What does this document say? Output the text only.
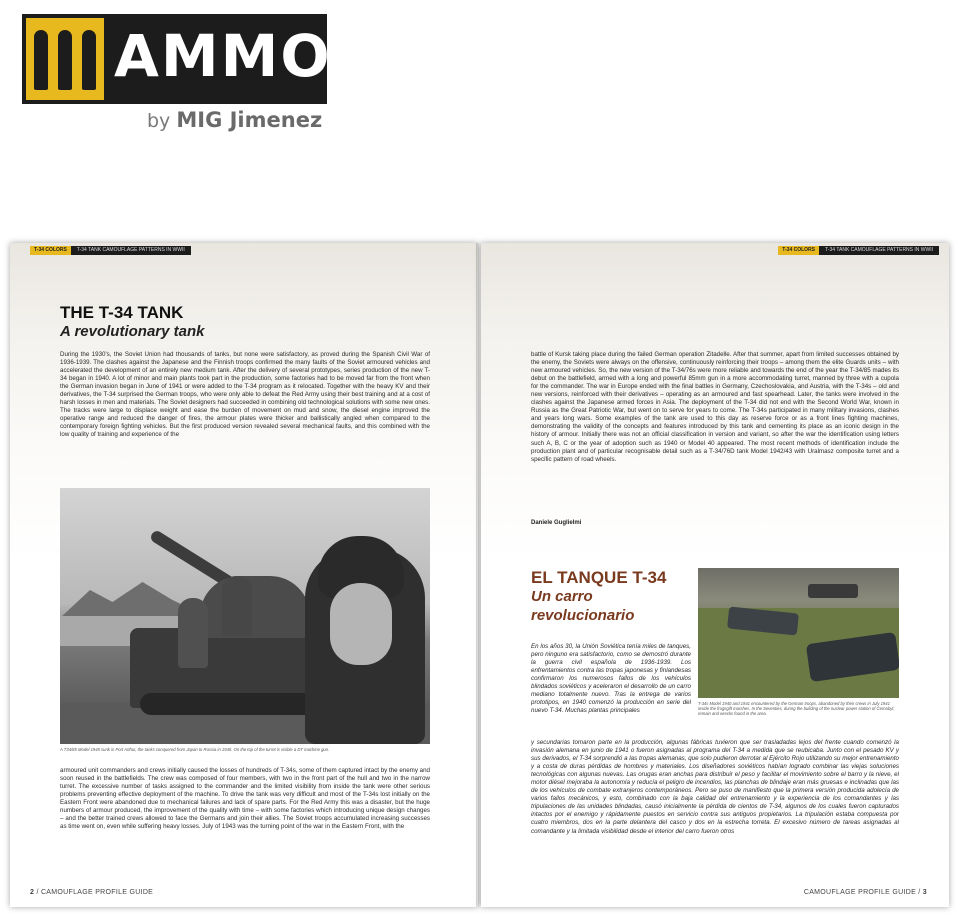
AMMO
by MIG Jimenez
T-34 COLORS	T-34 TANK CAMOUFLAGE PATTERNS IN WWII
THE T-34 TANK
A revolutionary tank
During the 1930's, the Soviet Union had thousands of tanks, but none were satisfactory, as proved during the Spanish Civil War of 1936-1939. The clashes against the Japanese and the Finnish troops confirmed the many faults of the Soviet armoured vehicles and accelerated the development of an entirely new medium tank. After the delivery of several prototypes, series production of the new T-34 began in 1940. A lot of minor and main plants took part in the production, some factories had to be moved far from the front when the German invasion began in June of 1941 or were added to the T-34 program as it relocated. Together with the heavy KV and their derivatives, the T-34 surprised the German troops, who were only able to defeat the Red Army using their best training and at a cost of harsh losses in men and materials. The Soviet designers had succeeded in combining old technological solutions with some new ones. The tracks were large to displace weight and ease the burden of movement on mud and snow, the diesel engine improved the operative range and reduced the danger of fires, the armour plates were thicker and ballistically angled when compared to the contemporary foreign fighting vehicles. But the first produced version revealed several mechanical faults, and this combined with the low quality of training and experience of the
A T34/85 Model 1945 sunk in Port Arthur, the tanks conquered from Japan to Russia in 1945. On the top of the turret is visible a DT machine gun.
armoured unit commanders and crews initially caused the losses of hundreds of T-34s, some of them captured intact by the enemy and soon reused in the battlefields. The crew was composed of four members, with two in the front part of the hull and two in the narrow turret. The excessive number of tasks assigned to the commander and the limited visibility from inside the tank were other serious problems preventing effective deployment of the machine. To drive the tank was very difficult and most of the T-34s lost initially on the Eastern Front were abandoned due to mechanical failures and lack of spare parts. For the Red Army this was a disaster, but the huge numbers of armour produced, the improvement of the quality with time – with some factories which introducing unique design changes – and the better trained crews allowed to face the Germans and join their allies. The Soviet troops accumulated increasing successes as time went on, even while suffering heavy losses. July of 1943 was the turning point of the war in the Eastern Front, with the
2 / CAMOUFLAGE PROFILE GUIDE
T-34 COLORS	T-34 TANK CAMOUFLAGE PATTERNS IN WWII
battle of Kursk taking place during the failed German operation Zitadelle. After that summer, apart from limited successes obtained by the enemy, the Soviets were always on the offensive, continuously reinforcing their troops – among them the elite Guards units – with new armoured vehicles. So, the new version of the T-34/76s were more reliable and towards the end of the year the T-34/85 mades its debut on the battlefield, armed with a long and powerful 85mm gun in a more accommodating turret, manned by three with a cupola for the commander. The war in Europe ended with the final battles in Germany, Czechoslovakia, and Austria, with the T-34s – old and new versions, reinforced with their derivatives – operating as an armoured and fast spearhead. Later, the tanks were involved in the clashes against the Japanese armed forces in Asia. The deployment of the T-34 did not end with the Second World War, known in Russia as the Great Patriotic War, but went on to serve for years to come. The T-34s participated in many military invasions, clashes and years long wars. Some examples of the tank are used to this day as reserve force or as a front lines fighting machines, demonstrating the validity of the concepts and features introduced by this tank and cementing its place as an iconic design in the history of armour. Initially there was not an official classification in version and variant, so after the war the identification using letters such A, B, C or the year of adoption such as 1940 or Model 40 appeared. The most recent methods of identification include the production plant and of particular recognisable detail such as a T-34/76D tank Model 1942/43 with Uralmasz composite turret and a specific pattern of road wheels.
Daniele Guglielmi
EL TANQUE T-34
Un carro
revolucionario
T-34s Model 1940 and 1941 encountered by the German troops, abandoned by their crews in July 1941 inside the frogsgift marshes. In the Seventies, during the building of the nuclear power station of Černobyl, remain and wrecks found in the area.
En los años 30, la Unión Soviética tenía miles de tanques, pero ninguno era satisfactorio, como se demostró durante la guerra civil española de 1936-1939. Los enfrentamientos contra las tropas japonesas y finlandesas confirmaron los numerosos fallos de los vehículos blindados soviéticos y aceleraron el desarrollo de un carro mediano totalmente nuevo. Tras la entrega de varios prototipos, en 1940 comenzó la producción en serie del nuevo T-34. Muchas plantas principales
y secundarias tomaron parte en la producción, algunas fábricas tuvieron que ser trasladadas lejos del frente cuando comenzó la invasión alemana en junio de 1941 o fueron asignadas al programa del T-34 a medida que se reubicaba. Junto con el pesado KV y sus derivados, el T-34 sorprendió a las tropas alemanas, que solo pudieron derrotar al Ejército Rojo utilizando su mejor entrenamiento y a costa de duras pérdidas de hombres y materiales. Los diseñadores soviéticos habían logrado combinar las viejas soluciones tecnológicas con algunas nuevas. Las orugas eran anchas para distribuir el peso y facilitar el movimiento sobre el barro y la nieve, el motor diésel mejoraba la autonomía y reducía el peligro de incendios, las planchas de blindaje eran más gruesas e inclinadas que las de los vehículos de combate extranjeros contemporáneos. Pero se puso de manifiesto que la primera versión producida adolecía de varios fallos mecánicos, y esto, combinado con la baja calidad del entrenamiento y la experiencia de los comandantes y las tripulaciones de las unidades blindadas, causó inicialmente la pérdida de cientos de T-34, algunos de los cuales fueron capturados intactos por el enemigo y rápidamente puestos en servicio contra sus antiguos propietarios. La tripulación estaba compuesta por cuatro miembros, dos en la parte delantera del casco y dos en la estrecha torreta. El excesivo número de tareas asignadas al comandante y la limitada visibilidad desde el interior del carro fueron otros
CAMOUFLAGE PROFILE GUIDE / 3
